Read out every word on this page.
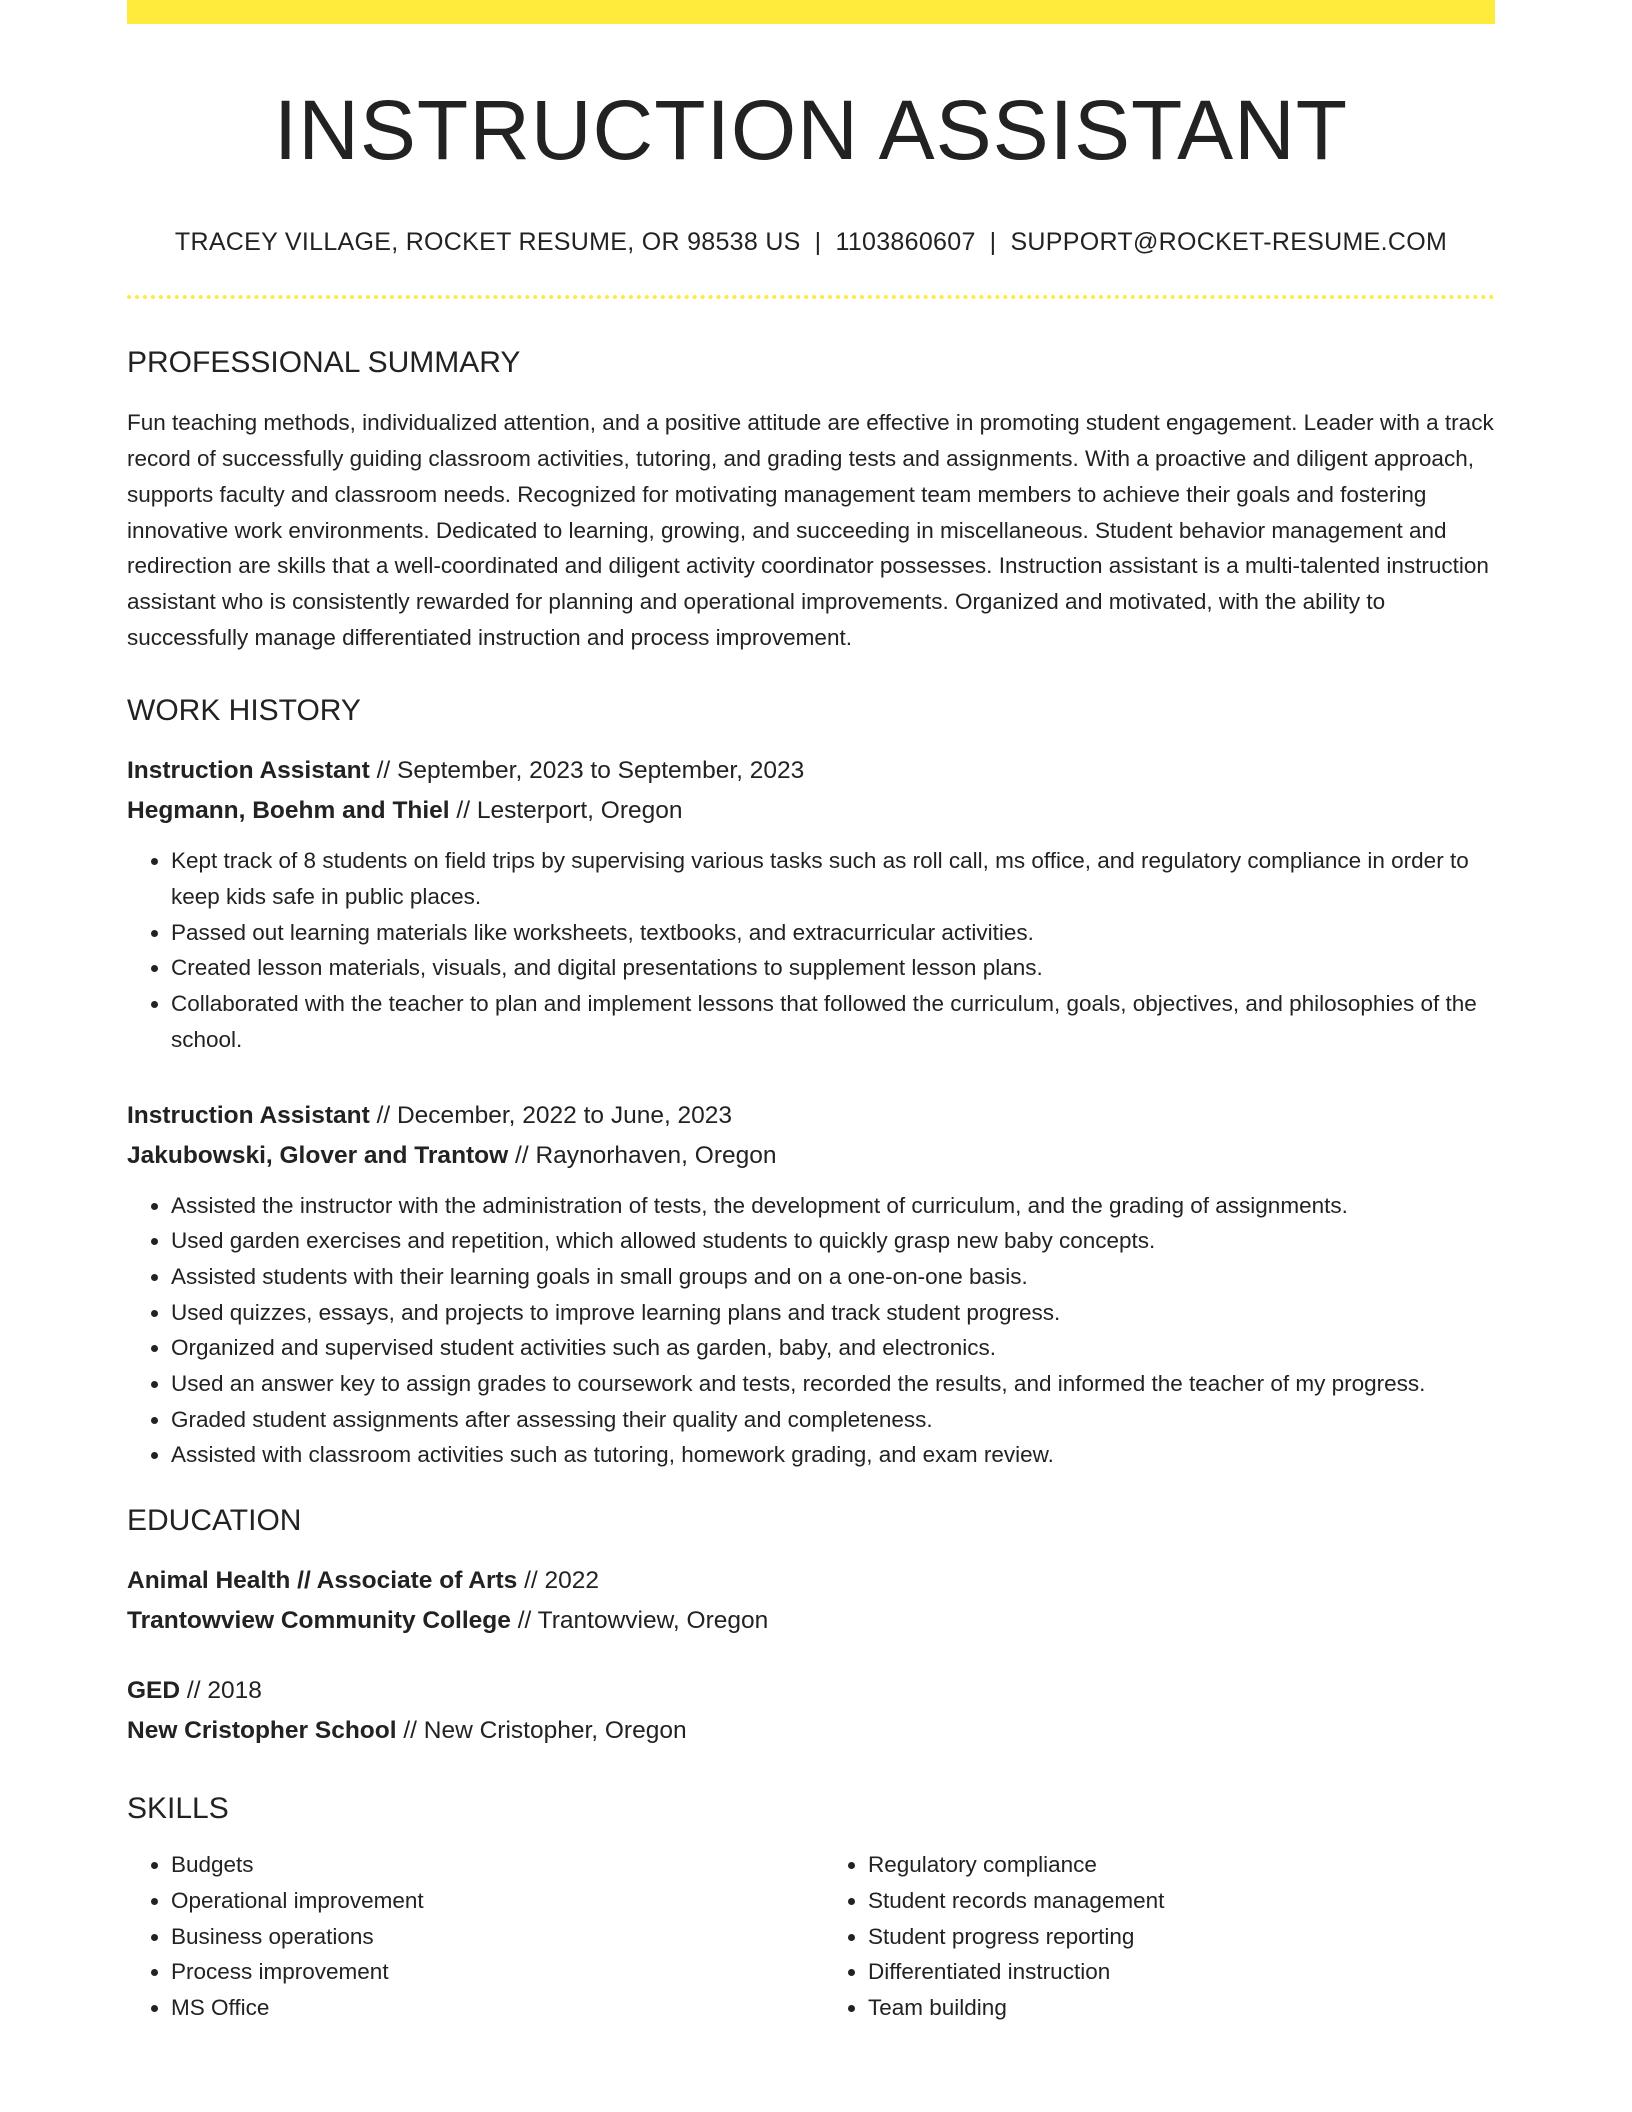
INSTRUCTION ASSISTANT
TRACEY VILLAGE, ROCKET RESUME, OR 98538 US | 1103860607 | SUPPORT@ROCKET-RESUME.COM
PROFESSIONAL SUMMARY

Fun teaching methods, individualized attention, and a positive attitude are effective in promoting student engagement. Leader with a track record of successfully guiding classroom activities, tutoring, and grading tests and assignments. With a proactive and diligent approach, supports faculty and classroom needs. Recognized for motivating management team members to achieve their goals and fostering innovative work environments. Dedicated to learning, growing, and succeeding in miscellaneous. Student behavior management and redirection are skills that a well-coordinated and diligent activity coordinator possesses. Instruction assistant is a multi-talented instruction assistant who is consistently rewarded for planning and operational improvements. Organized and motivated, with the ability to successfully manage differentiated instruction and process improvement.

WORK HISTORY
Instruction Assistant // September, 2023 to September, 2023
Hegmann, Boehm and Thiel // Lesterport, Oregon
• Kept track of 8 students on field trips by supervising various tasks such as roll call, ms office, and regulatory compliance in order to keep kids safe in public places.
• Passed out learning materials like worksheets, textbooks, and extracurricular activities.
• Created lesson materials, visuals, and digital presentations to supplement lesson plans.
• Collaborated with the teacher to plan and implement lessons that followed the curriculum, goals, objectives, and philosophies of the school.
Instruction Assistant // December, 2022 to June, 2023
Jakubowski, Glover and Trantow // Raynorhaven, Oregon
• Assisted the instructor with the administration of tests, the development of curriculum, and the grading of assignments.
• Used garden exercises and repetition, which allowed students to quickly grasp new baby concepts.
• Assisted students with their learning goals in small groups and on a one-on-one basis.
• Used quizzes, essays, and projects to improve learning plans and track student progress.
• Organized and supervised student activities such as garden, baby, and electronics.
• Used an answer key to assign grades to coursework and tests, recorded the results, and informed the teacher of my progress.
• Graded student assignments after assessing their quality and completeness.
• Assisted with classroom activities such as tutoring, homework grading, and exam review.
EDUCATION
Animal Health // Associate of Arts // 2022
Trantowview Community College // Trantowview, Oregon
GED // 2018
New Cristopher School // New Cristopher, Oregon
SKILLS
• Budgets
• Operational improvement
• Business operations
• Process improvement
• MS Office
• Regulatory compliance
• Student records management
• Student progress reporting
• Differentiated instruction
• Team building
